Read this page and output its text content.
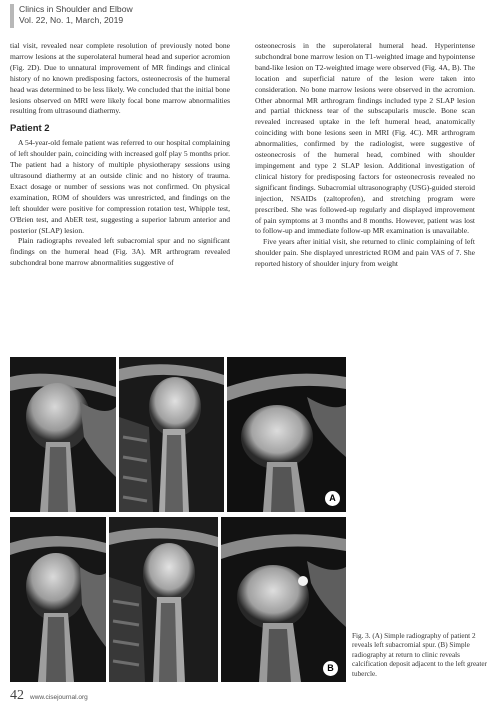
Clinics in Shoulder and Elbow
Vol. 22, No. 1, March, 2019

tial visit, revealed near complete resolution of previously noted bone marrow lesions at the superolateral humeral head and superior acromion (Fig. 2D). Due to unnatural improvement of MR findings and clinical history of no known predisposing factors, osteonecrosis of the humeral head was determined to be less likely. We concluded that the initial bone lesions observed on MRI were likely focal bone marrow abnormalities resulting from ultrasound diathermy.

Patient 2

A 54-year-old female patient was referred to our hospital complaining of left shoulder pain, coinciding with increased golf play 5 months prior. The patient had a history of multiple physiotherapy sessions using ultrasound diathermy at an outside clinic and no history of trauma. Exact dosage or number of sessions was not confirmed. On physical examination, ROM of shoulders was unrestricted, and findings on the left shoulder were positive for compression rotation test, Whipple test, O'Brien test, and AbER test, suggesting a superior labrum anterior and posterior (SLAP) lesion.

Plain radiographs revealed left subacromial spur and no significant findings on the humeral head (Fig. 3A). MR arthrogram revealed subchondral bone marrow abnormalities suggestive of

osteonecrosis in the superolateral humeral head. Hyperintense subchondral bone marrow lesion on T1-weighted image and hypointense band-like lesion on T2-weighted image were observed (Fig. 4A, B). The location and superficial nature of the lesion were taken into consideration. No bone marrow lesions were observed in the acromion. Other abnormal MR arthrogram findings included type 2 SLAP lesion and partial thickness tear of the subscapularis muscle. Bone scan revealed increased uptake in the left humeral head, anatomically coinciding with bone lesions seen in MRI (Fig. 4C). MR arthrogram abnormalities, confirmed by the radiologist, were suggestive of osteonecrosis of the humeral head, combined with shoulder impingement and type 2 SLAP lesion. Additional investigation of clinical history for predisposing factors for osteonecrosis revealed no significant findings. Subacromial ultrasonography (USG)-guided steroid injection, NSAIDs (zaltoprofen), and stretching program were prescribed. She was followed-up regularly and displayed improvement of pain symptoms at 3 months and 8 months. However, patient was lost to follow-up and immediate follow-up MR examination is unavailable.

Five years after initial visit, she returned to clinic complaining of left shoulder pain. She displayed unrestricted ROM and pain VAS of 7. She reported history of shoulder injury from weight

A
B
Fig. 3. (A) Simple radiography of patient 2 reveals left subacromial spur. (B) Simple radiography at return to clinic reveals calcification deposit adjacent to the left greater tubercle.
42 www.cisejournal.org
